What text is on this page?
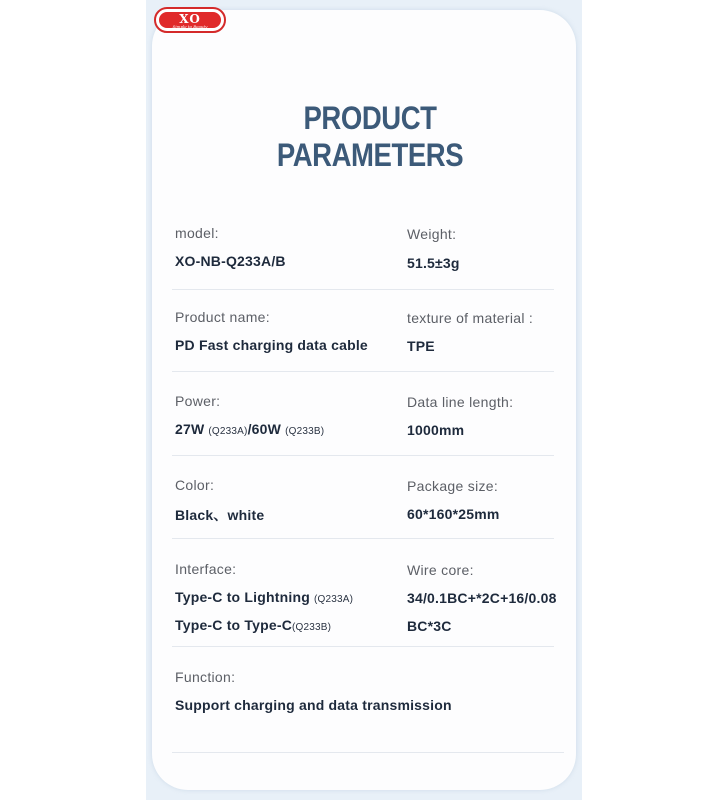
XO
Simple to Beauty
PRODUCT PARAMETERS
model:
XO-NB-Q233A/B
Weight:
51.5±3g
Product name:
PD Fast charging data cable
texture of material :
TPE
Power:
27W (Q233A)/60W (Q233B)
Data line length:
1000mm
Color:
Black、white
Package size:
60*160*25mm
Interface:
Type-C to Lightning (Q233A)
Type-C to Type-C(Q233B)
Wire core:
34/0.1BC+*2C+16/0.08
BC*3C
Function:
Support charging and data transmission
